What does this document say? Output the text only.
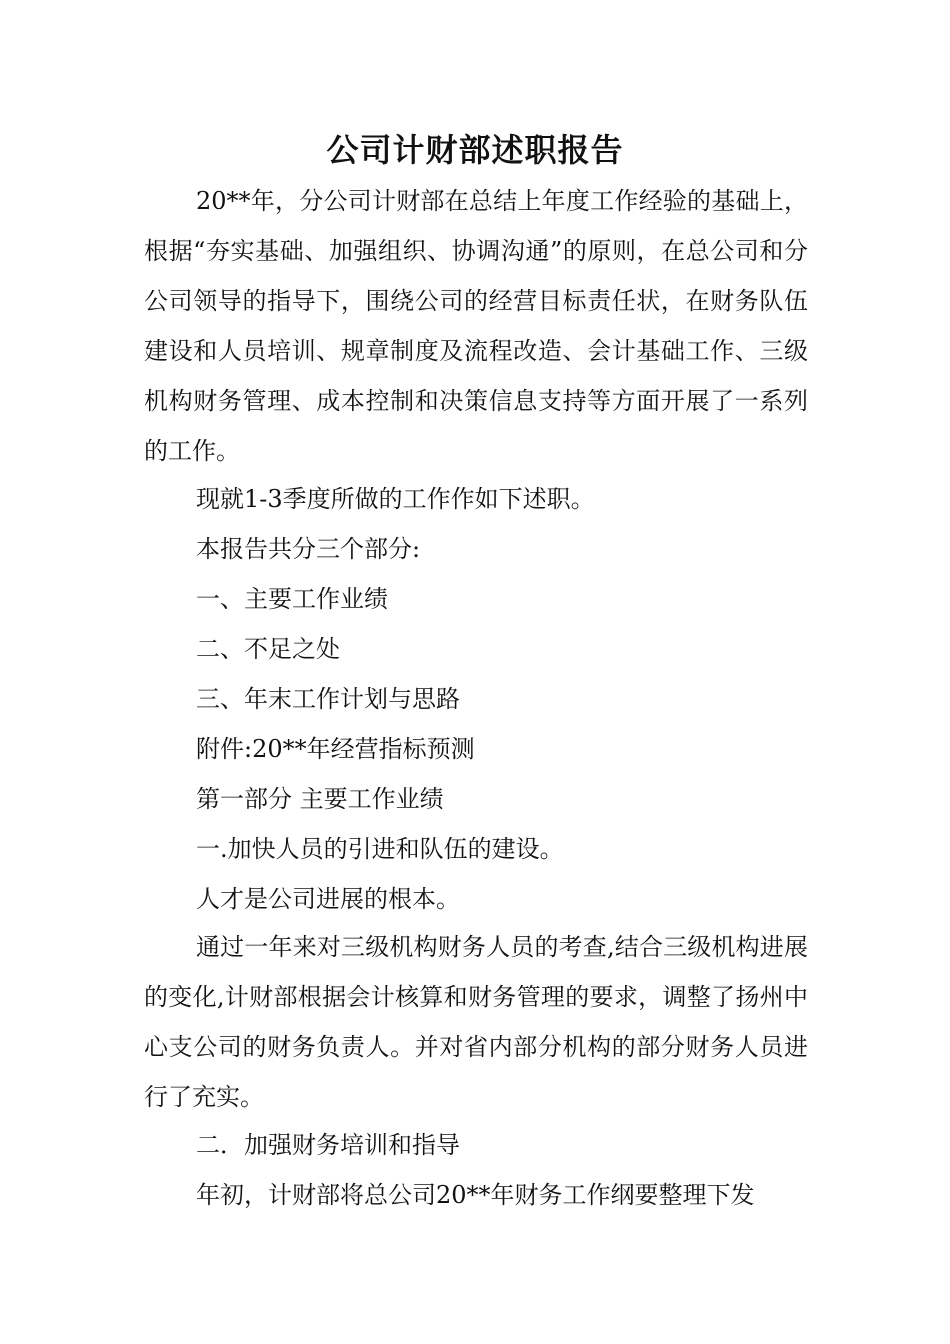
公司计财部述职报告

20**年，分公司计财部在总结上年度工作经验的基础上，根据“夯实基础、加强组织、协调沟通”的原则，在总公司和分公司领导的指导下，围绕公司的经营目标责任状，在财务队伍建设和人员培训、规章制度及流程改造、会计基础工作、三级机构财务管理、成本控制和决策信息支持等方面开展了一系列的工作。

现就1-3季度所做的工作作如下述职。

本报告共分三个部分:

一、主要工作业绩

二、不足之处

三、年末工作计划与思路

附件:20**年经营指标预测

第一部分 主要工作业绩

一.加快人员的引进和队伍的建设。

人才是公司进展的根本。

通过一年来对三级机构财务人员的考查,结合三级机构进展的变化,计财部根据会计核算和财务管理的要求，调整了扬州中心支公司的财务负责人。并对省内部分机构的部分财务人员进行了充实。

二．加强财务培训和指导

年初，计财部将总公司20**年财务工作纲要整理下发
